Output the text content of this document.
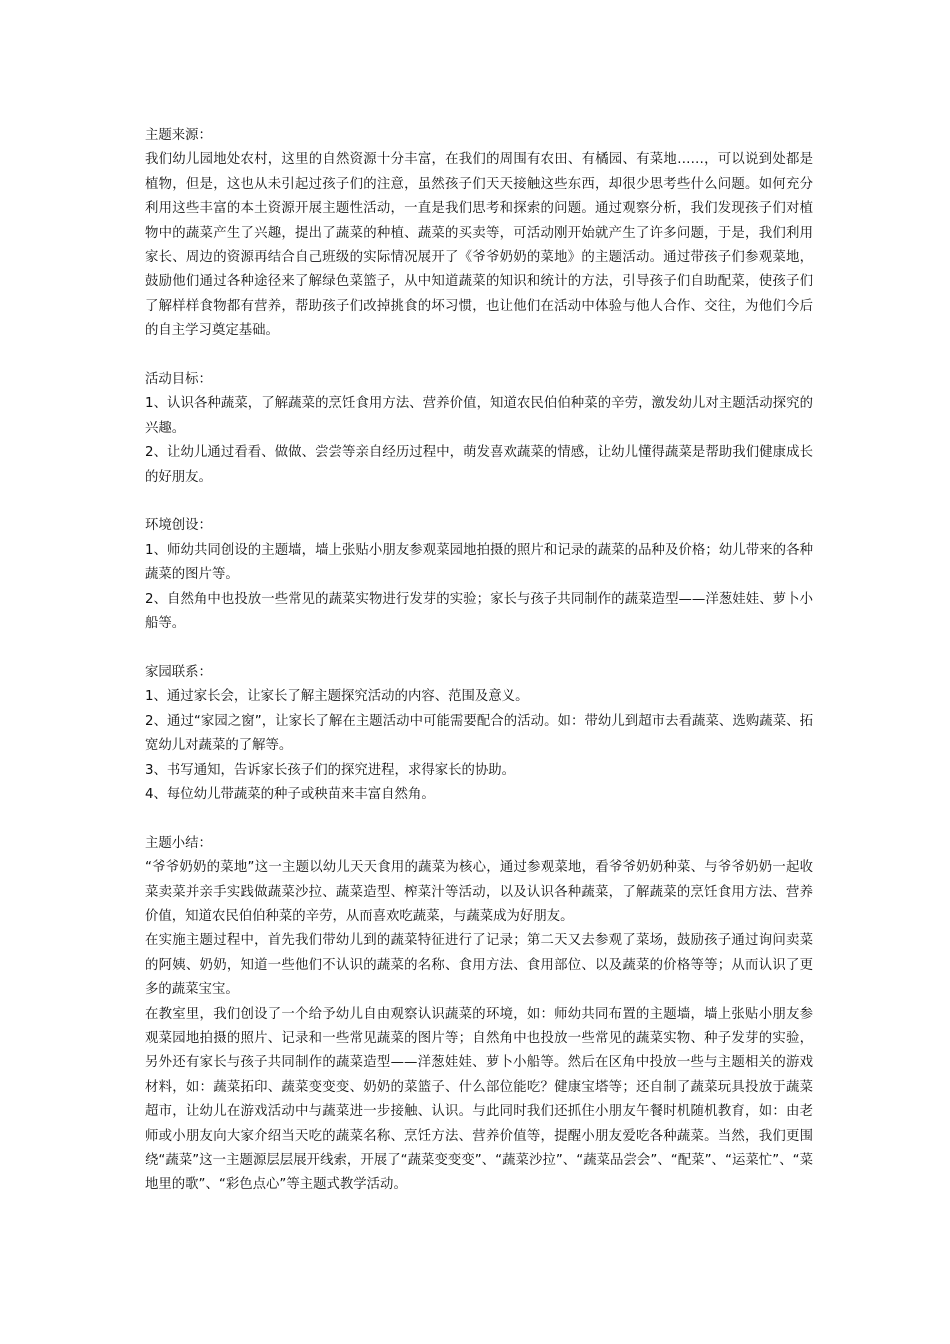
主题来源：

我们幼儿园地处农村，这里的自然资源十分丰富，在我们的周围有农田、有橘园、有菜地……，可以说到处都是植物，但是，这也从未引起过孩子们的注意，虽然孩子们天天接触这些东西，却很少思考些什么问题。如何充分利用这些丰富的本土资源开展主题性活动，一直是我们思考和探索的问题。通过观察分析，我们发现孩子们对植物中的蔬菜产生了兴趣，提出了蔬菜的种植、蔬菜的买卖等，可活动刚开始就产生了许多问题，于是，我们利用家长、周边的资源再结合自己班级的实际情况展开了《爷爷奶奶的菜地》的主题活动。通过带孩子们参观菜地，鼓励他们通过各种途径来了解绿色菜篮子，从中知道蔬菜的知识和统计的方法，引导孩子们自助配菜，使孩子们了解样样食物都有营养，帮助孩子们改掉挑食的坏习惯，也让他们在活动中体验与他人合作、交往，为他们今后的自主学习奠定基础。

活动目标：

1、认识各种蔬菜，了解蔬菜的烹饪食用方法、营养价值，知道农民伯伯种菜的辛劳，激发幼儿对主题活动探究的兴趣。

2、让幼儿通过看看、做做、尝尝等亲自经历过程中，萌发喜欢蔬菜的情感，让幼儿懂得蔬菜是帮助我们健康成长的好朋友。

环境创设：

1、师幼共同创设的主题墙，墙上张贴小朋友参观菜园地拍摄的照片和记录的蔬菜的品种及价格；幼儿带来的各种蔬菜的图片等。

2、自然角中也投放一些常见的蔬菜实物进行发芽的实验；家长与孩子共同制作的蔬菜造型——洋葱娃娃、萝卜小船等。

家园联系：

1、通过家长会，让家长了解主题探究活动的内容、范围及意义。

2、通过“家园之窗”，让家长了解在主题活动中可能需要配合的活动。如：带幼儿到超市去看蔬菜、选购蔬菜、拓宽幼儿对蔬菜的了解等。

3、书写通知，告诉家长孩子们的探究进程，求得家长的协助。

4、每位幼儿带蔬菜的种子或秧苗来丰富自然角。

主题小结：

“爷爷奶奶的菜地”这一主题以幼儿天天食用的蔬菜为核心，通过参观菜地，看爷爷奶奶种菜、与爷爷奶奶一起收菜卖菜并亲手实践做蔬菜沙拉、蔬菜造型、榨菜汁等活动，以及认识各种蔬菜，了解蔬菜的烹饪食用方法、营养价值，知道农民伯伯种菜的辛劳，从而喜欢吃蔬菜，与蔬菜成为好朋友。

在实施主题过程中，首先我们带幼儿到的蔬菜特征进行了记录；第二天又去参观了菜场，鼓励孩子通过询问卖菜的阿姨、奶奶，知道一些他们不认识的蔬菜的名称、食用方法、食用部位、以及蔬菜的价格等等；从而认识了更多的蔬菜宝宝。

在教室里，我们创设了一个给予幼儿自由观察认识蔬菜的环境，如：师幼共同布置的主题墙，墙上张贴小朋友参观菜园地拍摄的照片、记录和一些常见蔬菜的图片等；自然角中也投放一些常见的蔬菜实物、种子发芽的实验，另外还有家长与孩子共同制作的蔬菜造型——洋葱娃娃、萝卜小船等。然后在区角中投放一些与主题相关的游戏材料，如：蔬菜拓印、蔬菜变变变、奶奶的菜篮子、什么部位能吃？健康宝塔等；还自制了蔬菜玩具投放于蔬菜超市，让幼儿在游戏活动中与蔬菜进一步接触、认识。与此同时我们还抓住小朋友午餐时机随机教育，如：由老师或小朋友向大家介绍当天吃的蔬菜名称、烹饪方法、营养价值等，提醒小朋友爱吃各种蔬菜。当然，我们更围绕“蔬菜”这一主题源层层展开线索，开展了“蔬菜变变变”、“蔬菜沙拉”、“蔬菜品尝会”、“配菜”、“运菜忙”、“菜地里的歌”、“彩色点心”等主题式教学活动。
